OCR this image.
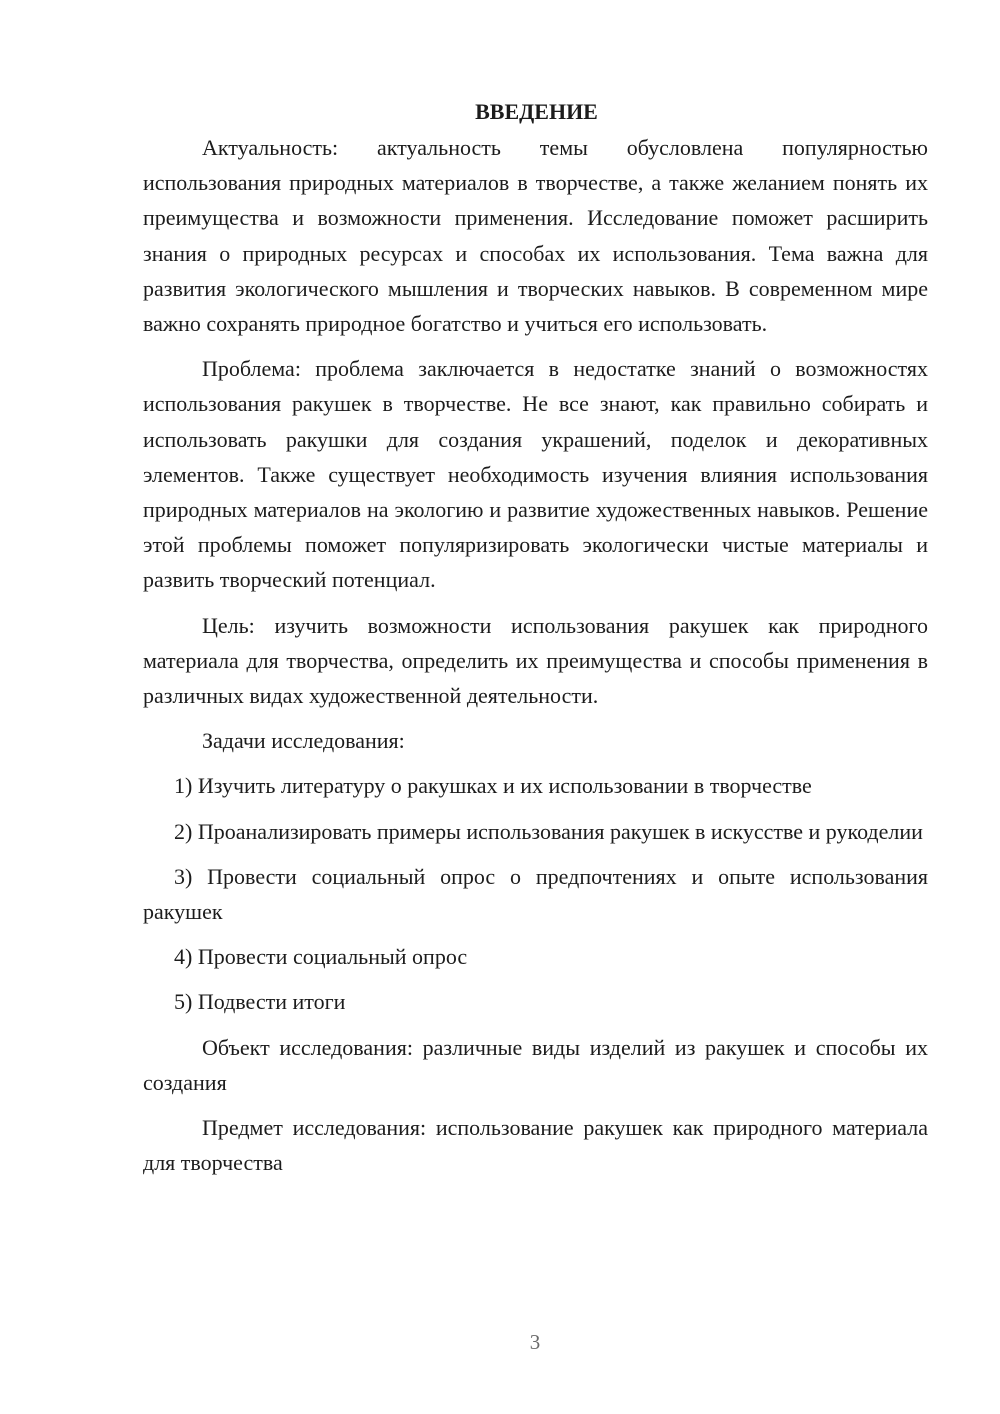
ВВЕДЕНИЕ

Актуальность: актуальность темы обусловлена популярностью использования природных материалов в творчестве, а также желанием понять их преимущества и возможности применения. Исследование поможет расширить знания о природных ресурсах и способах их использования. Тема важна для развития экологического мышления и творческих навыков. В современном мире важно сохранять природное богатство и учиться его использовать.

Проблема: проблема заключается в недостатке знаний о возможностях использования ракушек в творчестве. Не все знают, как правильно собирать и использовать ракушки для создания украшений, поделок и декоративных элементов. Также существует необходимость изучения влияния использования природных материалов на экологию и развитие художественных навыков. Решение этой проблемы поможет популяризировать экологически чистые материалы и развить творческий потенциал.

Цель: изучить возможности использования ракушек как природного материала для творчества, определить их преимущества и способы применения в различных видах художественной деятельности.

Задачи исследования:

1) Изучить литературу о ракушках и их использовании в творчестве

2) Проанализировать примеры использования ракушек в искусстве и рукоделии

3) Провести социальный опрос о предпочтениях и опыте использования ракушек

4) Провести социальный опрос

5) Подвести итоги

Объект исследования: различные виды изделий из ракушек и способы их создания

Предмет исследования: использование ракушек как природного материала для творчества

3
